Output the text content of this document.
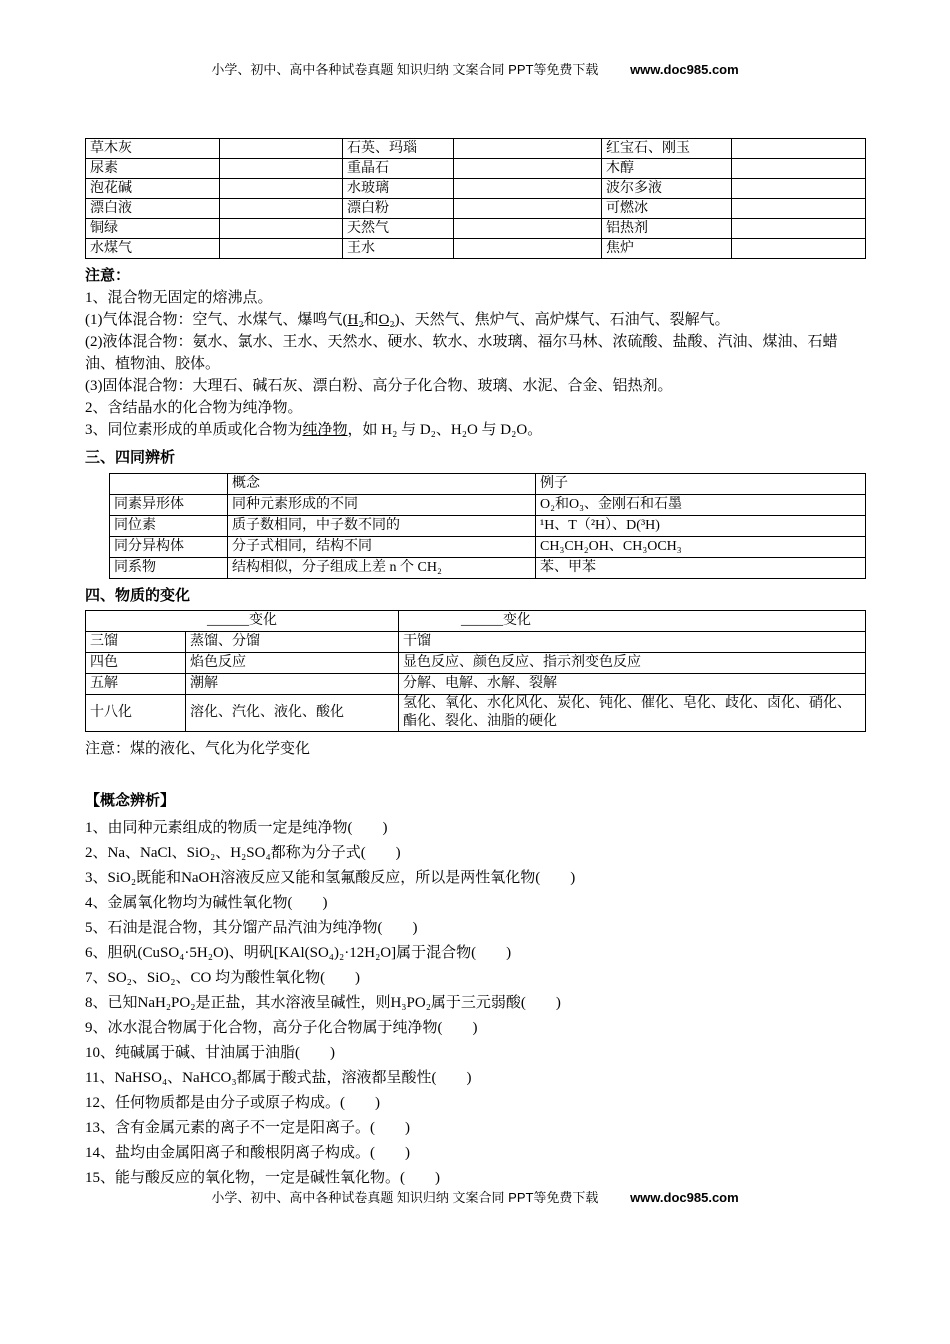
小学、初中、高中各种试卷真题 知识归纳 文案合同 PPT等免费下载 www.doc985.com
草木灰		石英、玛瑙		红宝石、刚玉	
尿素		重晶石		木醇	
泡花碱		水玻璃		波尔多液	
漂白液		漂白粉		可燃冰	
铜绿		天然气		铝热剂	
水煤气		王水		焦炉	
注意：
1、混合物无固定的熔沸点。
(1)气体混合物：空气、水煤气、爆鸣气(H₂和O₂)、天然气、焦炉气、高炉煤气、石油气、裂解气。
(2)液体混合物：氨水、氯水、王水、天然水、硬水、软水、水玻璃、福尔马林、浓硫酸、盐酸、汽油、煤油、石蜡油、植物油、胶体。
(3)固体混合物：大理石、碱石灰、漂白粉、高分子化合物、玻璃、水泥、合金、铝热剂。
2、含结晶水的化合物为纯净物。
3、同位素形成的单质或化合物为纯净物，如 H₂ 与 D₂、H₂O 与 D₂O。
三、四同辨析
	概念	例子
同素异形体	同种元素形成的不同	O₂和O₃、金刚石和石墨
同位素	质子数相同，中子数不同的	¹H、T（²H）、D(³H)
同分异构体	分子式相同，结构不同	CH₃CH₂OH、CH₃OCH₃
同系物	结构相似，分子组成上差 n 个 CH₂	苯、甲苯
四、物质的变化
______变化		______变化
三馏	蒸馏、分馏	干馏
四色	焰色反应	显色反应、颜色反应、指示剂变色反应
五解	潮解	分解、电解、水解、裂解
十八化	溶化、汽化、液化、酸化	氢化、氧化、水化风化、炭化、钝化、催化、皂化、歧化、卤化、硝化、酯化、裂化、油脂的硬化
注意：煤的液化、气化为化学变化
【概念辨析】
1、由同种元素组成的物质一定是纯净物(　　)
2、Na、NaCl、SiO₂、H₂SO₄都称为分子式(　　)
3、SiO₂既能和NaOH溶液反应又能和氢氟酸反应，所以是两性氧化物(　　)
4、金属氧化物均为碱性氧化物(　　)
5、石油是混合物，其分馏产品汽油为纯净物(　　)
6、胆矾(CuSO₄·5H₂O)、明矾[KAl(SO₄)₂·12H₂O]属于混合物(　　)
7、SO₂、SiO₂、CO 均为酸性氧化物(　　)
8、已知NaH₂PO₂是正盐，其水溶液呈碱性，则H₃PO₂属于三元弱酸(　　)
9、冰水混合物属于化合物，高分子化合物属于纯净物(　　)
10、纯碱属于碱、甘油属于油脂(　　)
11、NaHSO₄、NaHCO₃都属于酸式盐，溶液都呈酸性(　　)
12、任何物质都是由分子或原子构成。(　　)
13、含有金属元素的离子不一定是阳离子。(　　)
14、盐均由金属阳离子和酸根阴离子构成。(　　)
15、能与酸反应的氧化物，一定是碱性氧化物。(　　)
小学、初中、高中各种试卷真题 知识归纳 文案合同 PPT等免费下载 www.doc985.com
